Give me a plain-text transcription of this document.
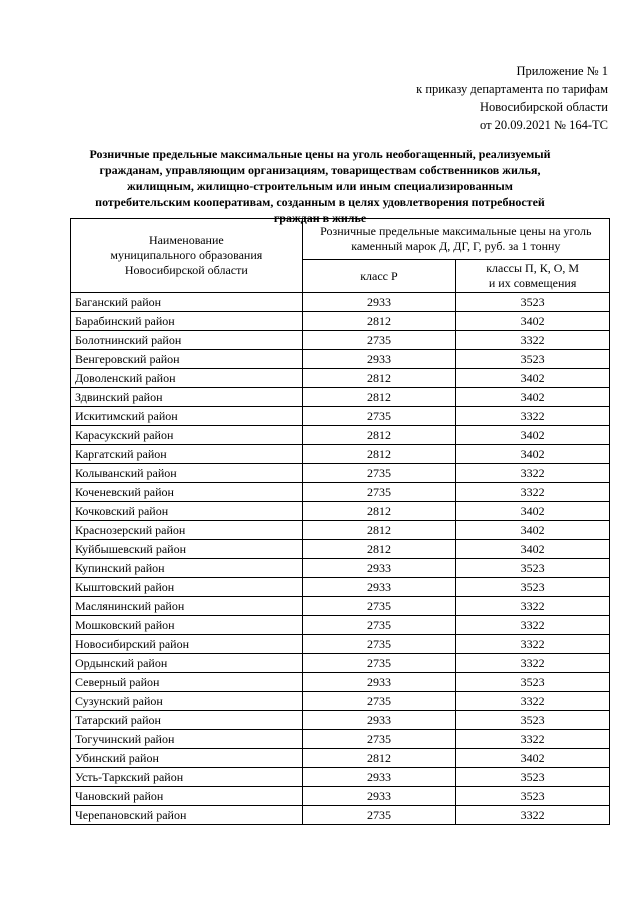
Приложение № 1
к приказу департамента по тарифам
Новосибирской области
от 20.09.2021 № 164-ТС
Розничные предельные максимальные цены на уголь необогащенный, реализуемый гражданам, управляющим организациям, товариществам собственников жилья, жилищным, жилищно-строительным или иным специализированным потребительским кооперативам, созданным в целях удовлетворения потребностей граждан в жилье
Наименование
муниципального образования
Новосибирской области	Розничные предельные максимальные цены на уголь каменный марок Д, ДГ, Г, руб. за 1 тонну	
	класс Р	классы П, К, О, М
и их совмещения

Баганский район	2933	3523
Барабинский район	2812	3402
Болотнинский район	2735	3322
Венгеровский район	2933	3523
Доволенский район	2812	3402
Здвинский район	2812	3402
Искитимский район	2735	3322
Карасукский район	2812	3402
Каргатский район	2812	3402
Колыванский район	2735	3322
Коченевский район	2735	3322
Кочковский район	2812	3402
Краснозерский район	2812	3402
Куйбышевский район	2812	3402
Купинский район	2933	3523
Кыштовский район	2933	3523
Маслянинский район	2735	3322
Мошковский район	2735	3322
Новосибирский район	2735	3322
Ордынский район	2735	3322
Северный район	2933	3523
Сузунский район	2735	3322
Татарский район	2933	3523
Тогучинский район	2735	3322
Убинский район	2812	3402
Усть-Таркский район	2933	3523
Чановский район	2933	3523
Черепановский район	2735	3322
